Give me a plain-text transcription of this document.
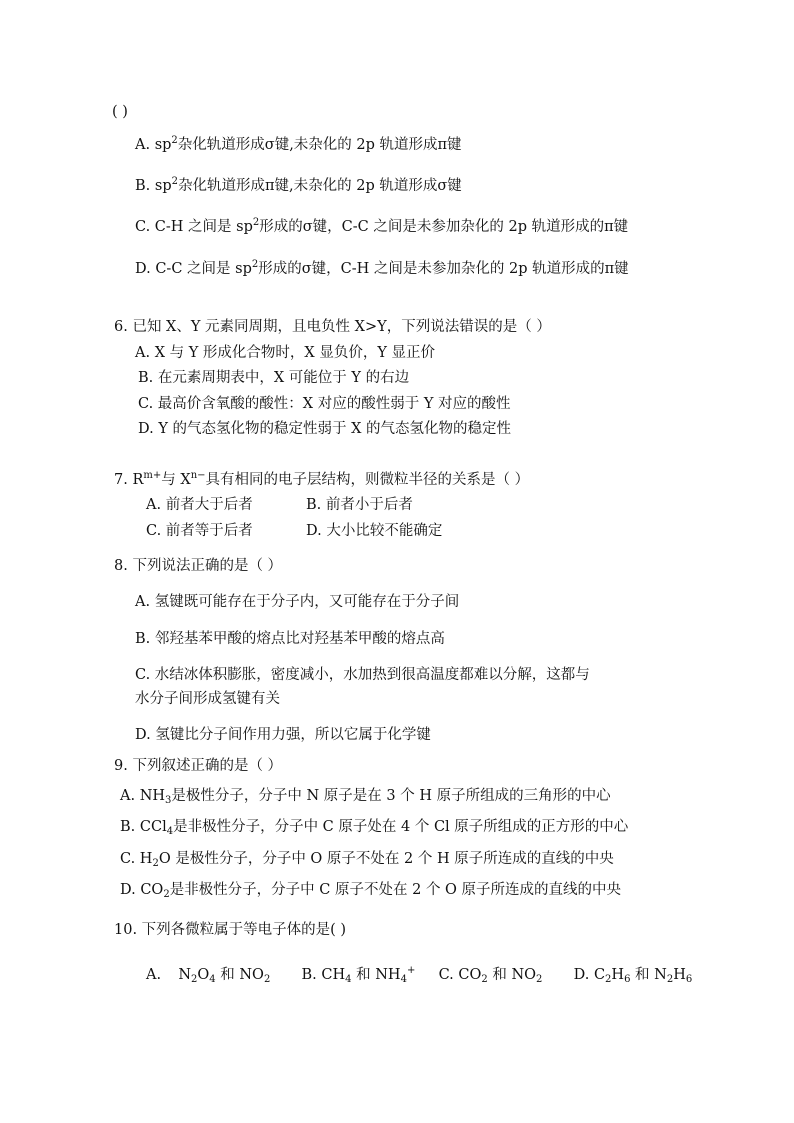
( )
A. $sp^2$杂化轨道形成σ键,未杂化的 2p 轨道形成π键
B. $sp^2$杂化轨道形成π键,未杂化的 2p 轨道形成σ键
C. C-H 之间是 $sp^2$形成的σ键，C-C 之间是未参加杂化的 2p 轨道形成的π键
D. C-C 之间是 $sp^2$形成的σ键，C-H 之间是未参加杂化的 2p 轨道形成的π键
6. 已知 X、Y 元素同周期，且电负性 X>Y，下列说法错误的是（ ）
A. X 与 Y 形成化合物时，X 显负价，Y 显正价
B. 在元素周期表中，X 可能位于 Y 的右边
C. 最高价含氧酸的酸性：X 对应的酸性弱于 Y 对应的酸性
D. Y 的气态氢化物的稳定性弱于 X 的气态氢化物的稳定性
7. $R^{m+}$与 $X^{n-}$具有相同的电子层结构，则微粒半径的关系是（ ）
A. 前者大于后者	B. 前者小于后者
C. 前者等于后者	D. 大小比较不能确定
8. 下列说法正确的是（ ）
A. 氢键既可能存在于分子内，又可能存在于分子间
B. 邻羟基苯甲酸的熔点比对羟基苯甲酸的熔点高
C. 水结冰体积膨胀，密度减小，水加热到很高温度都难以分解，这都与
水分子间形成氢键有关
D. 氢键比分子间作用力强，所以它属于化学键
9. 下列叙述正确的是（ ）
A. $NH_3$是极性分子，分子中 N 原子是在 3 个 H 原子所组成的三角形的中心
B. CCl$_4$是非极性分子，分子中 C 原子处在 4 个 Cl 原子所组成的正方形的中心
C. $H_2O$ 是极性分子，分子中 O 原子不处在 2 个 H 原子所连成的直线的中央
D. $CO_2$是非极性分子，分子中 C 原子不处在 2 个 O 原子所连成的直线的中央
10. 下列各微粒属于等电子体的是( )
A. $N_2O_4$ 和 $NO_2$ B. $CH_4$ 和 $NH_4^+$ C. $CO_2$ 和 $NO_2$ D. $C_2H_6$ 和 $N_2H_6$
